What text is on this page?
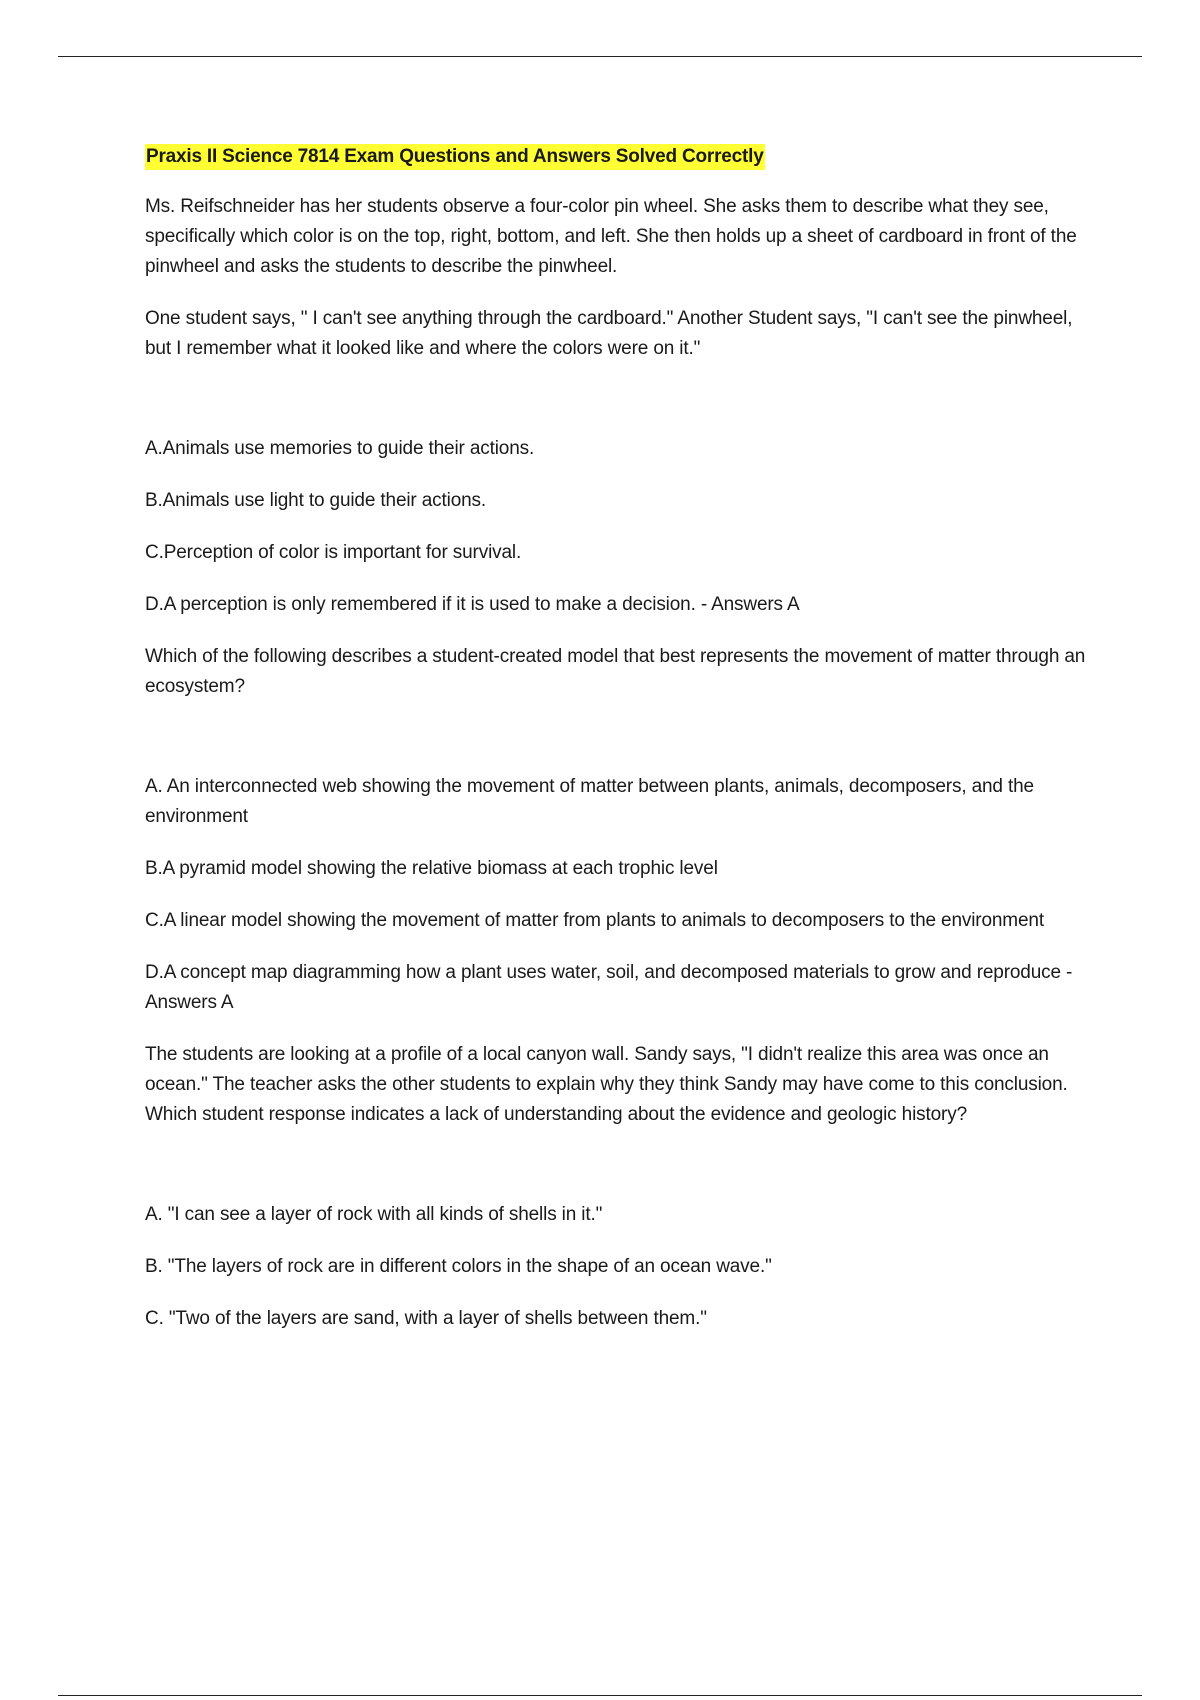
Praxis II Science 7814 Exam Questions and Answers Solved Correctly

Ms. Reifschneider has her students observe a four-color pin wheel. She asks them to describe what they see, specifically which color is on the top, right, bottom, and left. She then holds up a sheet of cardboard in front of the pinwheel and asks the students to describe the pinwheel.

One student says, " I can't see anything through the cardboard." Another Student says, "I can't see the pinwheel, but I remember what it looked like and where the colors were on it."

A.Animals use memories to guide their actions.

B.Animals use light to guide their actions.

C.Perception of color is important for survival.

D.A perception is only remembered if it is used to make a decision. - Answers A

Which of the following describes a student-created model that best represents the movement of matter through an ecosystem?

A. An interconnected web showing the movement of matter between plants, animals, decomposers, and the environment

B.A pyramid model showing the relative biomass at each trophic level

C.A linear model showing the movement of matter from plants to animals to decomposers to the environment

D.A concept map diagramming how a plant uses water, soil, and decomposed materials to grow and reproduce - Answers A

The students are looking at a profile of a local canyon wall. Sandy says, "I didn't realize this area was once an ocean." The teacher asks the other students to explain why they think Sandy may have come to this conclusion. Which student response indicates a lack of understanding about the evidence and geologic history?

A. "I can see a layer of rock with all kinds of shells in it."

B. "The layers of rock are in different colors in the shape of an ocean wave."

C. "Two of the layers are sand, with a layer of shells between them."
